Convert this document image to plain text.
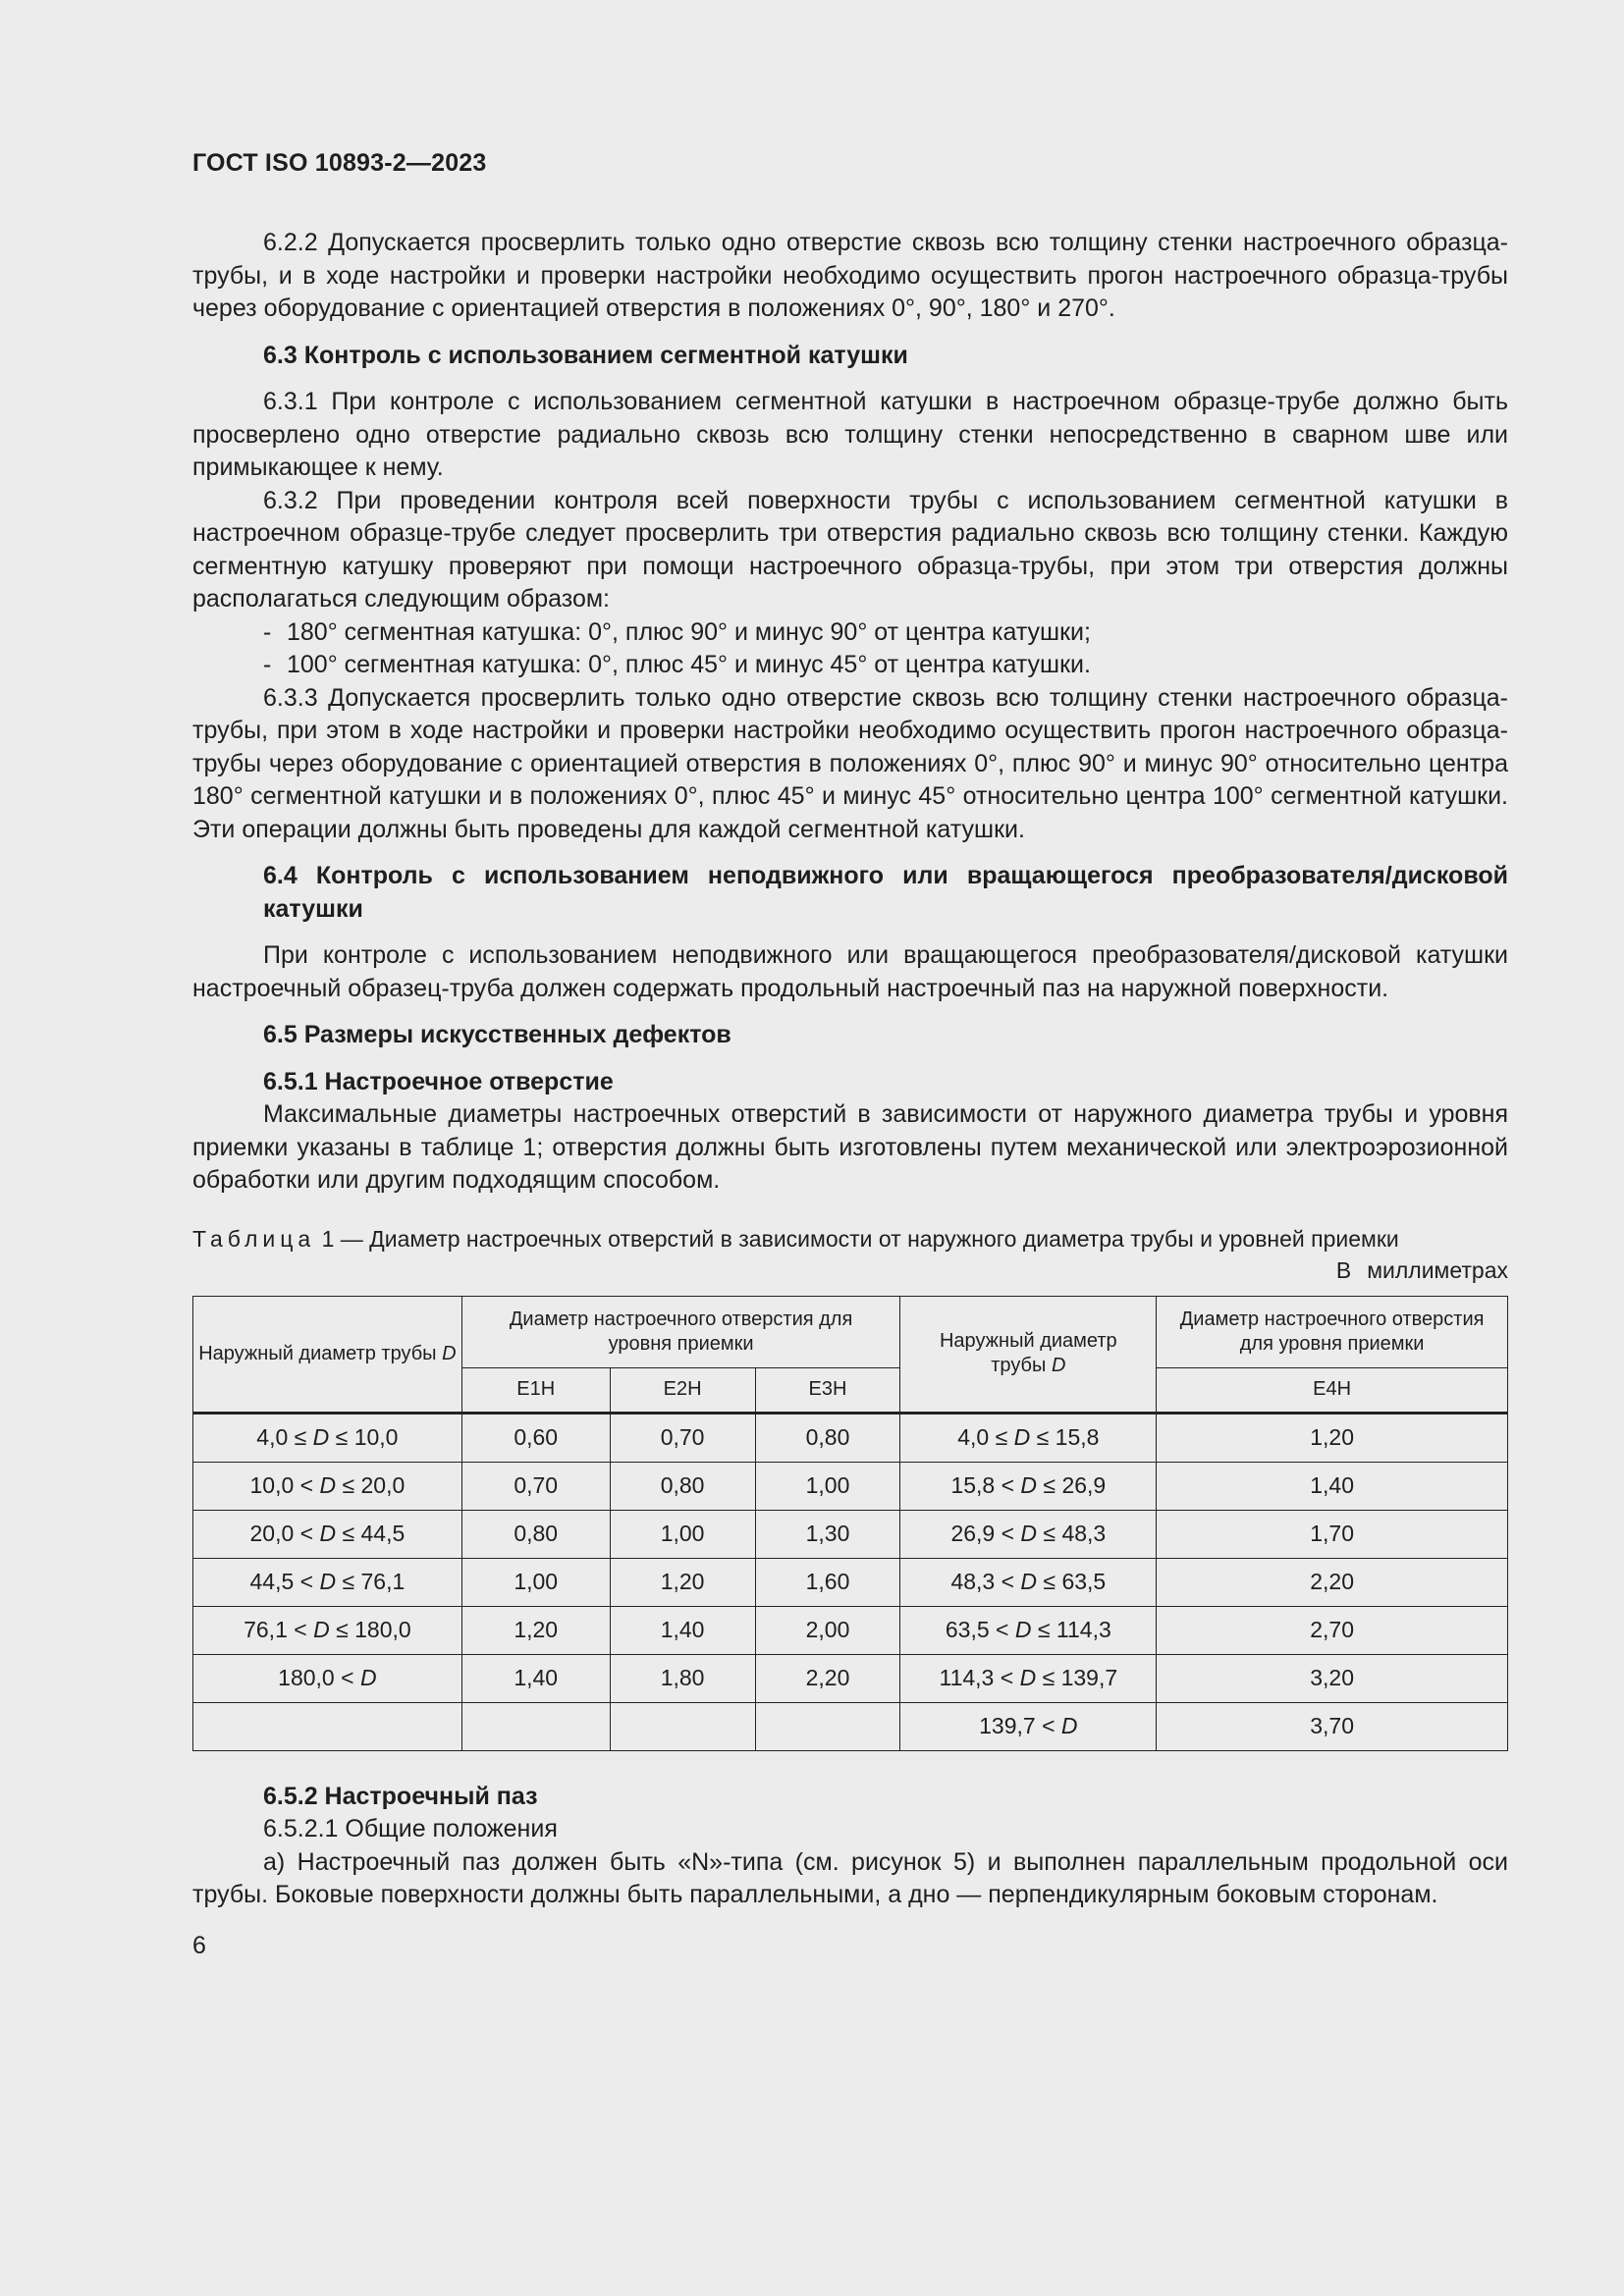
ГОСТ ISO 10893-2—2023

6.2.2 Допускается просверлить только одно отверстие сквозь всю толщину стенки настроечного образца-трубы, и в ходе настройки и проверки настройки необходимо осуществить прогон настроечного образца-трубы через оборудование с ориентацией отверстия в положениях 0°, 90°, 180° и 270°.

6.3 Контроль с использованием сегментной катушки

6.3.1 При контроле с использованием сегментной катушки в настроечном образце-трубе должно быть просверлено одно отверстие радиально сквозь всю толщину стенки непосредственно в сварном шве или примыкающее к нему.

6.3.2 При проведении контроля всей поверхности трубы с использованием сегментной катушки в настроечном образце-трубе следует просверлить три отверстия радиально сквозь всю толщину стенки. Каждую сегментную катушку проверяют при помощи настроечного образца-трубы, при этом три отверстия должны располагаться следующим образом:

- 180° сегментная катушка: 0°, плюс 90° и минус 90° от центра катушки;
- 100° сегментная катушка: 0°, плюс 45° и минус 45° от центра катушки.

6.3.3 Допускается просверлить только одно отверстие сквозь всю толщину стенки настроечного образца-трубы, при этом в ходе настройки и проверки настройки необходимо осуществить прогон настроечного образца-трубы через оборудование с ориентацией отверстия в положениях 0°, плюс 90° и минус 90° относительно центра 180° сегментной катушки и в положениях 0°, плюс 45° и минус 45° относительно центра 100° сегментной катушки. Эти операции должны быть проведены для каждой сегментной катушки.

6.4 Контроль с использованием неподвижного или вращающегося преобразователя/дисковой катушки

При контроле с использованием неподвижного или вращающегося преобразователя/дисковой катушки настроечный образец-труба должен содержать продольный настроечный паз на наружной поверхности.

6.5 Размеры искусственных дефектов
6.5.1 Настроечное отверстие

Максимальные диаметры настроечных отверстий в зависимости от наружного диаметра трубы и уровня приемки указаны в таблице 1; отверстия должны быть изготовлены путем механической или электроэрозионной обработки или другим подходящим способом.

Таблица 1 — Диаметр настроечных отверстий в зависимости от наружного диаметра трубы и уровней приемки
В миллиметрах
Наружный диаметр трубы D	Диаметр настроечного отверстия для уровня приемки			Наружный диаметр трубы D	Диаметр настроечного отверстия для уровня приемки
	E1H	E2H	E3H		E4H
4,0 ≤ D ≤ 10,0	0,60	0,70	0,80	4,0 ≤ D ≤ 15,8	1,20
10,0 < D ≤ 20,0	0,70	0,80	1,00	15,8 < D ≤ 26,9	1,40
20,0 < D ≤ 44,5	0,80	1,00	1,30	26,9 < D ≤ 48,3	1,70
44,5 < D ≤ 76,1	1,00	1,20	1,60	48,3 < D ≤ 63,5	2,20
76,1 < D ≤ 180,0	1,20	1,40	2,00	63,5 < D ≤ 114,3	2,70
180,0 < D	1,40	1,80	2,20	114,3 < D ≤ 139,7	3,20
				139,7 < D	3,70
6.5.2 Настроечный паз
6.5.2.1 Общие положения

а) Настроечный паз должен быть «N»-типа (см. рисунок 5) и выполнен параллельным продольной оси трубы. Боковые поверхности должны быть параллельными, а дно — перпендикулярным боковым сторонам.

6
